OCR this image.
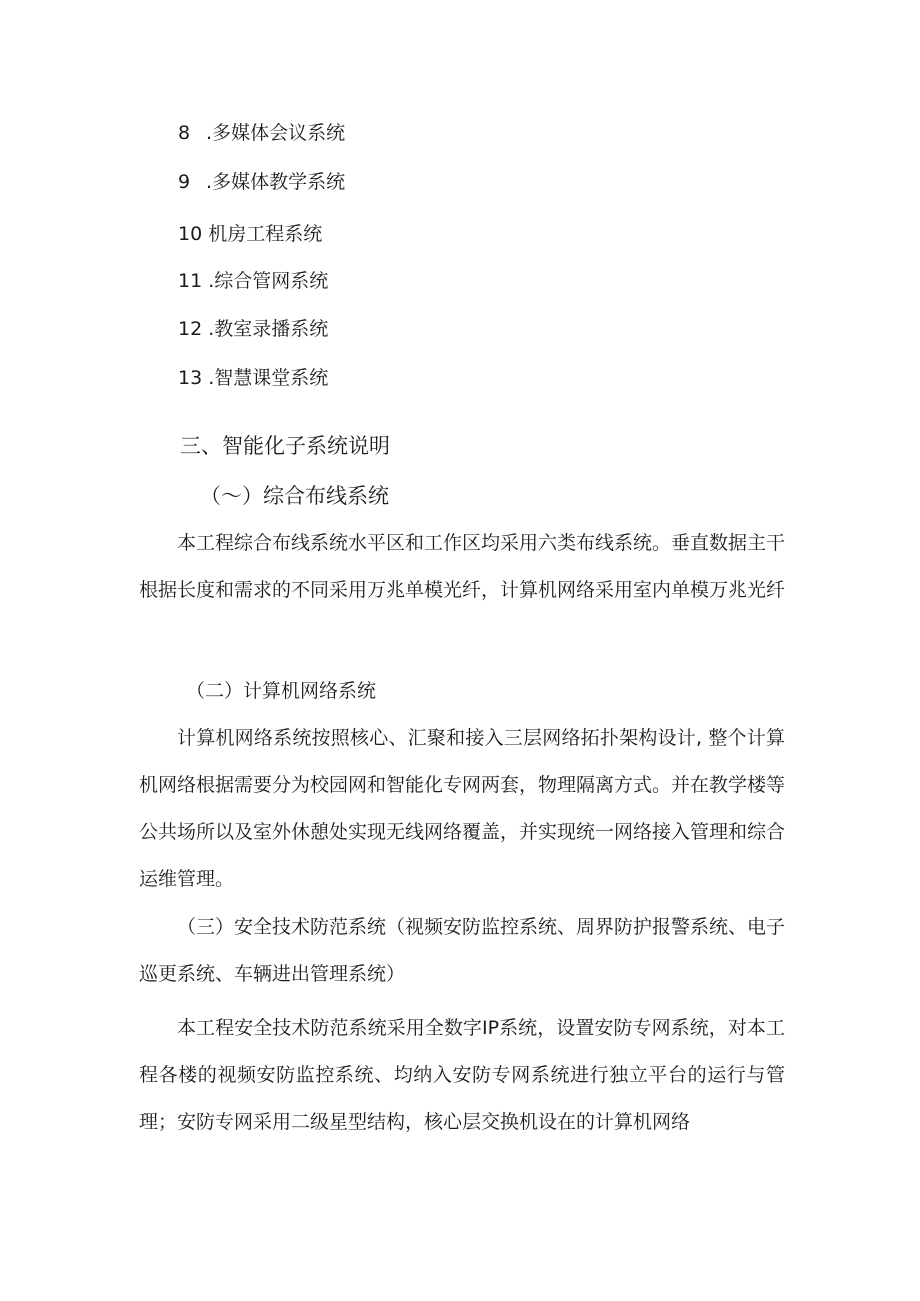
8 .多媒体会议系统
9 .多媒体教学系统
10 机房工程系统
11 .综合管网系统
12 .教室录播系统
13 .智慧课堂系统
三、智能化子系统说明
（〜）综合布线系统

本工程综合布线系统水平区和工作区均采用六类布线系统。垂直数据主干根据长度和需求的不同采用万兆单模光纤，计算机网络采用室内单模万兆光纤

（二）计算机网络系统

计算机网络系统按照核心、汇聚和接入三层网络拓扑架构设计, 整个计算机网络根据需要分为校园网和智能化专网两套，物理隔离方式。并在教学楼等公共场所以及室外休憩处实现无线网络覆盖，并实现统一网络接入管理和综合运维管理。

（三）安全技术防范系统（视频安防监控系统、周界防护报警系统、电子巡更系统、车辆进出管理系统）

本工程安全技术防范系统采用全数字IP系统，设置安防专网系统，对本工程各楼的视频安防监控系统、均纳入安防专网系统进行独立平台的运行与管理；安防专网采用二级星型结构，核心层交换机设在的计算机网络
